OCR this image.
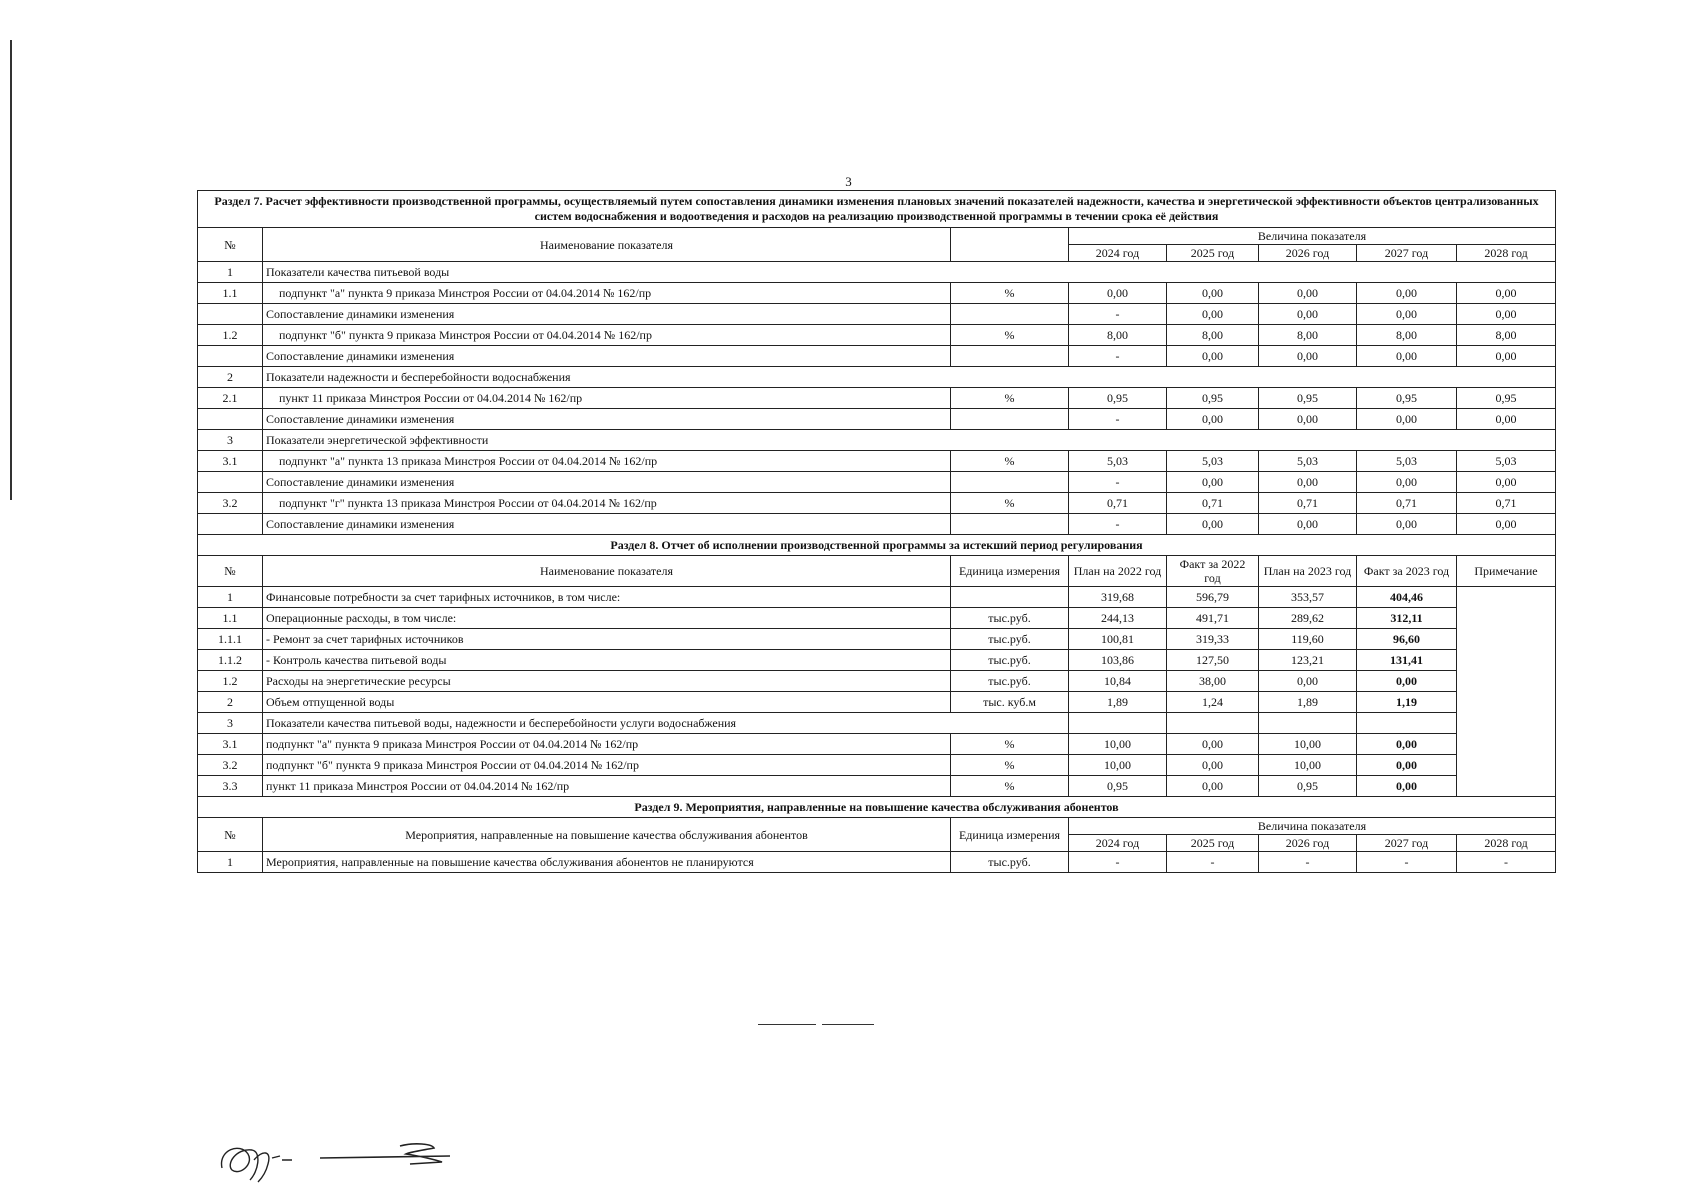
3
Раздел 7. Расчет эффективности производственной программы, осуществляемый путем сопоставления динамики изменения плановых значений показателей надежности, качества и энергетической эффективности объектов централизованных систем водоснабжения и водоотведения и расходов на реализацию производственной программы в течении срока её действия							
№	Наименование показателя		Величина показателя				
			2024 год	2025 год	2026 год	2027 год	2028 год
1	Показатели качества питьевой воды						
1.1	подпункт "а" пункта 9 приказа Минстроя России от 04.04.2014 № 162/пр	%	0,00	0,00	0,00	0,00	0,00
	Сопоставление динамики изменения		-	0,00	0,00	0,00	0,00
1.2	подпункт "б" пункта 9 приказа Минстроя России от 04.04.2014 № 162/пр	%	8,00	8,00	8,00	8,00	8,00
	Сопоставление динамики изменения		-	0,00	0,00	0,00	0,00
2	Показатели надежности и бесперебойности водоснабжения						
2.1	пункт 11 приказа Минстроя России от 04.04.2014 № 162/пр	%	0,95	0,95	0,95	0,95	0,95
	Сопоставление динамики изменения		-	0,00	0,00	0,00	0,00
3	Показатели энергетической эффективности						
3.1	подпункт "а" пункта 13 приказа Минстроя России от 04.04.2014 № 162/пр	%	5,03	5,03	5,03	5,03	5,03
	Сопоставление динамики изменения		-	0,00	0,00	0,00	0,00
3.2	подпункт "г" пункта 13 приказа Минстроя России от 04.04.2014 № 162/пр	%	0,71	0,71	0,71	0,71	0,71
	Сопоставление динамики изменения		-	0,00	0,00	0,00	0,00
Раздел 8. Отчет об исполнении производственной программы за истекший период регулирования							
№	Наименование показателя	Единица измерения	План на 2022 год	Факт за 2022 год	План на 2023 год	Факт за 2023 год	Примечание
1	Финансовые потребности за счет тарифных источников, в том числе:		319,68	596,79	353,57	404,46	
1.1	Операционные расходы, в том числе:	тыс.руб.	244,13	491,71	289,62	312,11	
1.1.1	- Ремонт за счет тарифных источников	тыс.руб.	100,81	319,33	119,60	96,60	
1.1.2	- Контроль качества питьевой воды	тыс.руб.	103,86	127,50	123,21	131,41	
1.2	Расходы на энергетические ресурсы	тыс.руб.	10,84	38,00	0,00	0,00	
2	Объем отпущенной воды	тыс. куб.м	1,89	1,24	1,89	1,19	
3	Показатели качества питьевой воды, надежности и бесперебойности услуги водоснабжения						
3.1	подпункт "а" пункта 9 приказа Минстроя России от 04.04.2014 № 162/пр	%	10,00	0,00	10,00	0,00	
3.2	подпункт "б" пункта 9 приказа Минстроя России от 04.04.2014 № 162/пр	%	10,00	0,00	10,00	0,00	
3.3	пункт 11 приказа Минстроя России от 04.04.2014 № 162/пр	%	0,95	0,00	0,95	0,00	
Раздел 9. Мероприятия, направленные на повышение качества обслуживания абонентов							
№	Мероприятия, направленные на повышение качества обслуживания абонентов	Единица измерения	Величина показателя				
			2024 год	2025 год	2026 год	2027 год	2028 год
1	Мероприятия, направленные на повышение качества обслуживания абонентов не планируются	тыс.руб.	-	-	-	-	-
